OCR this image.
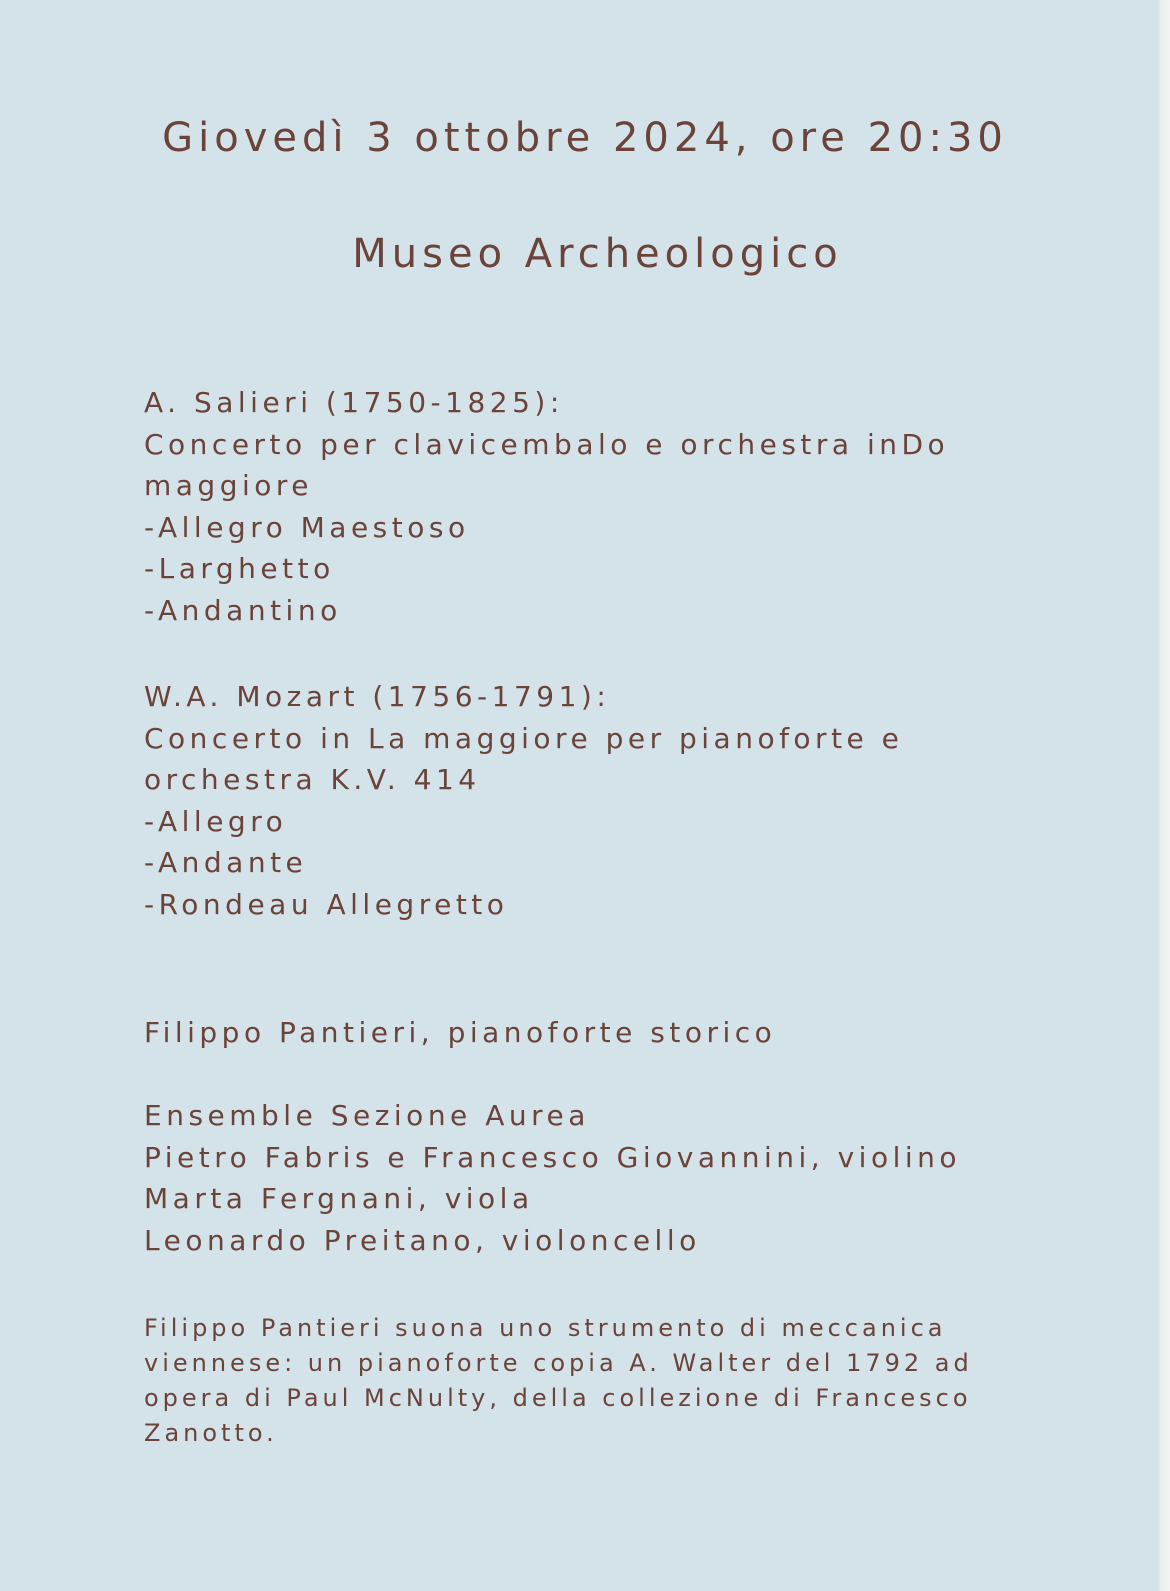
Giovedì 3 ottobre 2024, ore 20:30
Museo Archeologico
A. Salieri (1750-1825):
Concerto per clavicembalo e orchestra inDo
maggiore
-Allegro Maestoso
-Larghetto
-Andantino
W.A. Mozart (1756-1791):
Concerto in La maggiore per pianoforte e
orchestra K.V. 414
-Allegro
-Andante
-Rondeau Allegretto
Filippo Pantieri, pianoforte storico
Ensemble Sezione Aurea
Pietro Fabris e Francesco Giovannini, violino
Marta Fergnani, viola
Leonardo Preitano, violoncello
Filippo Pantieri suona uno strumento di meccanica
viennese: un pianoforte copia A. Walter del 1792 ad
opera di Paul McNulty, della collezione di Francesco
Zanotto.
